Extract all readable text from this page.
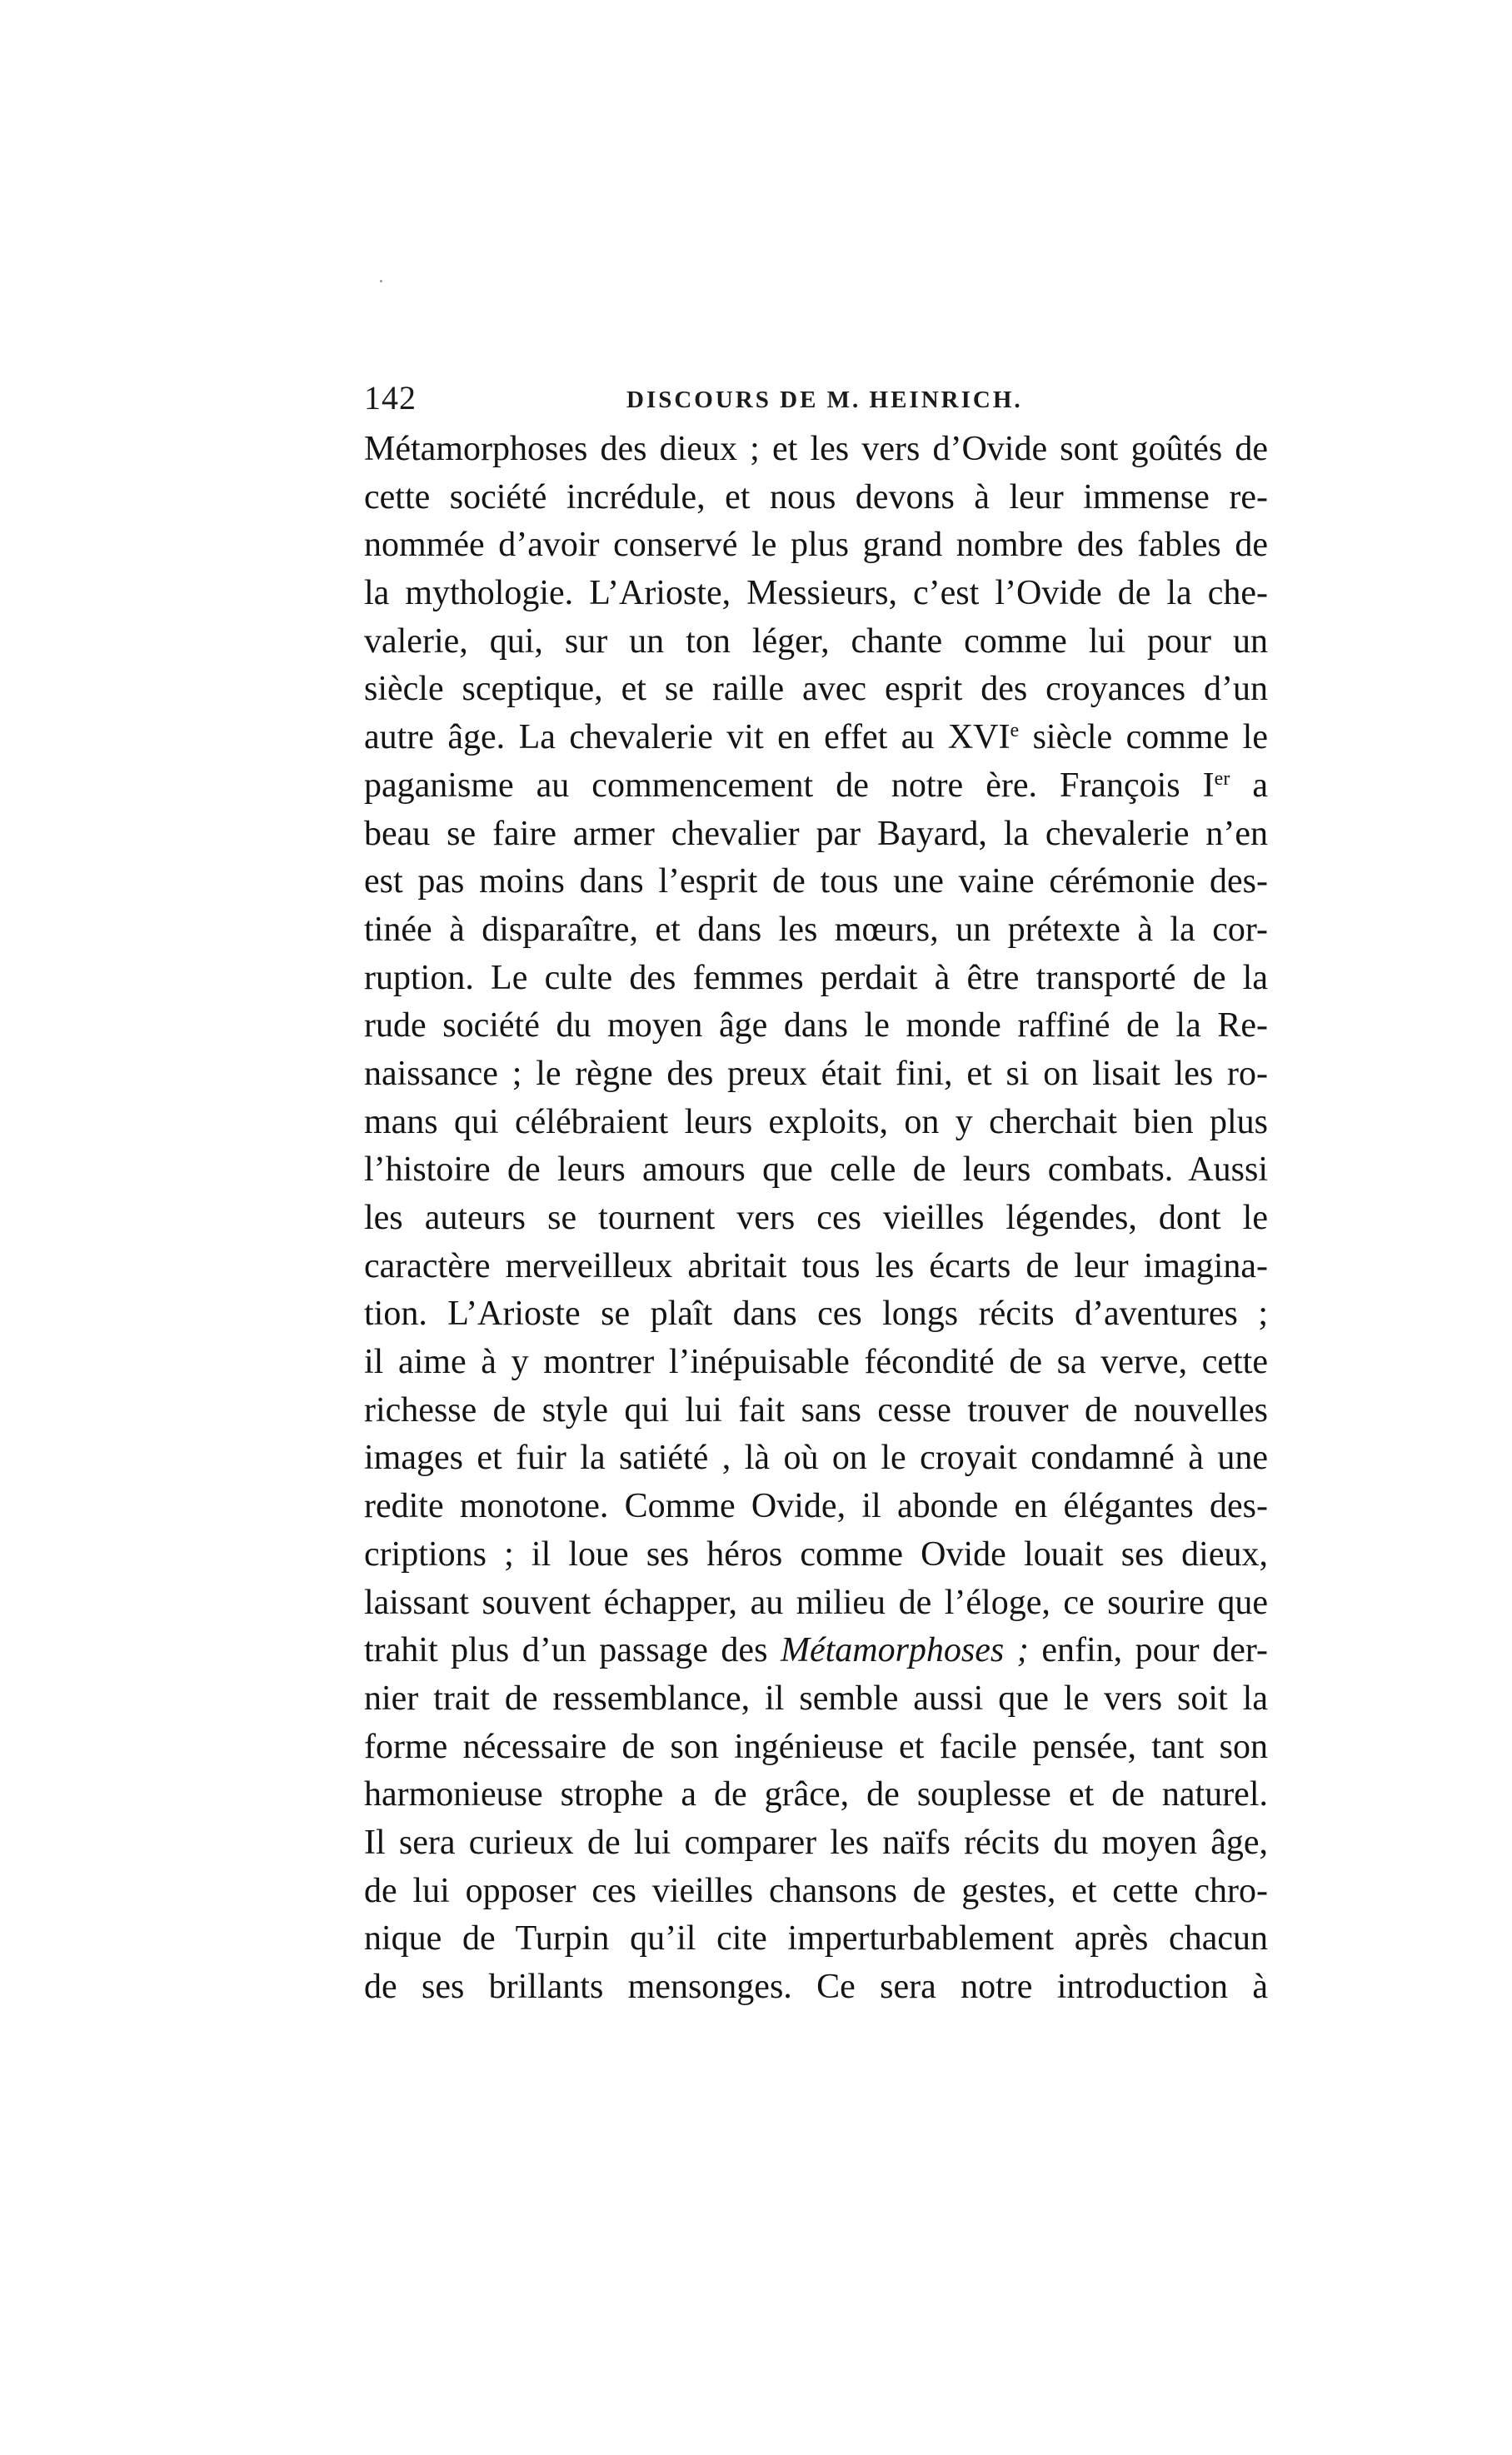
142	DISCOURS DE M. HEINRICH.
Métamorphoses des dieux ; et les vers d’Ovide sont goûtés de
cette société incrédule, et nous devons à leur immense re-
nommée d’avoir conservé le plus grand nombre des fables de
la mythologie. L’Arioste, Messieurs, c’est l’Ovide de la che-
valerie, qui, sur un ton léger, chante comme lui pour un
siècle sceptique, et se raille avec esprit des croyances d’un
autre âge. La chevalerie vit en effet au XVIe siècle comme le
paganisme au commencement de notre ère. François Ier a
beau se faire armer chevalier par Bayard, la chevalerie n’en
est pas moins dans l’esprit de tous une vaine cérémonie des-
tinée à disparaître, et dans les mœurs, un prétexte à la cor-
ruption. Le culte des femmes perdait à être transporté de la
rude société du moyen âge dans le monde raffiné de la Re-
naissance ; le règne des preux était fini, et si on lisait les ro-
mans qui célébraient leurs exploits, on y cherchait bien plus
l’histoire de leurs amours que celle de leurs combats. Aussi
les auteurs se tournent vers ces vieilles légendes, dont le
caractère merveilleux abritait tous les écarts de leur imagina-
tion. L’Arioste se plaît dans ces longs récits d’aventures ;
il aime à y montrer l’inépuisable fécondité de sa verve, cette
richesse de style qui lui fait sans cesse trouver de nouvelles
images et fuir la satiété , là où on le croyait condamné à une
redite monotone. Comme Ovide, il abonde en élégantes des-
criptions ; il loue ses héros comme Ovide louait ses dieux,
laissant souvent échapper, au milieu de l’éloge, ce sourire que
trahit plus d’un passage des Métamorphoses ; enfin, pour der-
nier trait de ressemblance, il semble aussi que le vers soit la
forme nécessaire de son ingénieuse et facile pensée, tant son
harmonieuse strophe a de grâce, de souplesse et de naturel.
Il sera curieux de lui comparer les naïfs récits du moyen âge,
de lui opposer ces vieilles chansons de gestes, et cette chro-
nique de Turpin qu’il cite imperturbablement après chacun
de ses brillants mensonges. Ce sera notre introduction à
